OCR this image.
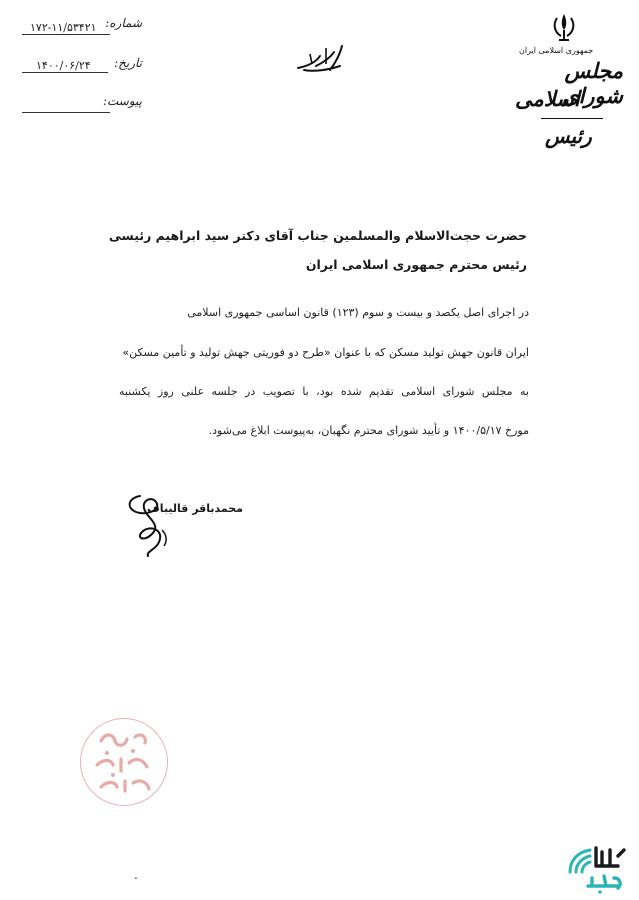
شماره:
۱۷۲-۱۱/۵۳۴۲۱
تاریخ:
۱۴۰۰/۰۶/۲۴
پیوست:
جمهوری اسلامی ایران
مجلس شورای
اسلامی
رئیس
حضرت حجت‌الاسلام والمسلمین جناب آقای دکتر سید ابراهیم رئیسی
رئیس محترم جمهوری اسلامی ایران
در اجرای اصل یکصد و بیست و سوم (۱۲۳) قانون اساسی جمهوری اسلامی
ایران قانون جهش تولید مسکن که با عنوان «طرح دو فوریتی جهش تولید و تأمین مسکن»
به مجلس شورای اسلامی تقدیم شده بود، با تصویب در جلسه علنی روز یکشنبه
مورخ ۱۴۰۰/۵/۱۷ و تأیید شورای محترم نگهبان، به‌پیوست ابلاغ می‌شود.
محمدباقر قالیباف
.
